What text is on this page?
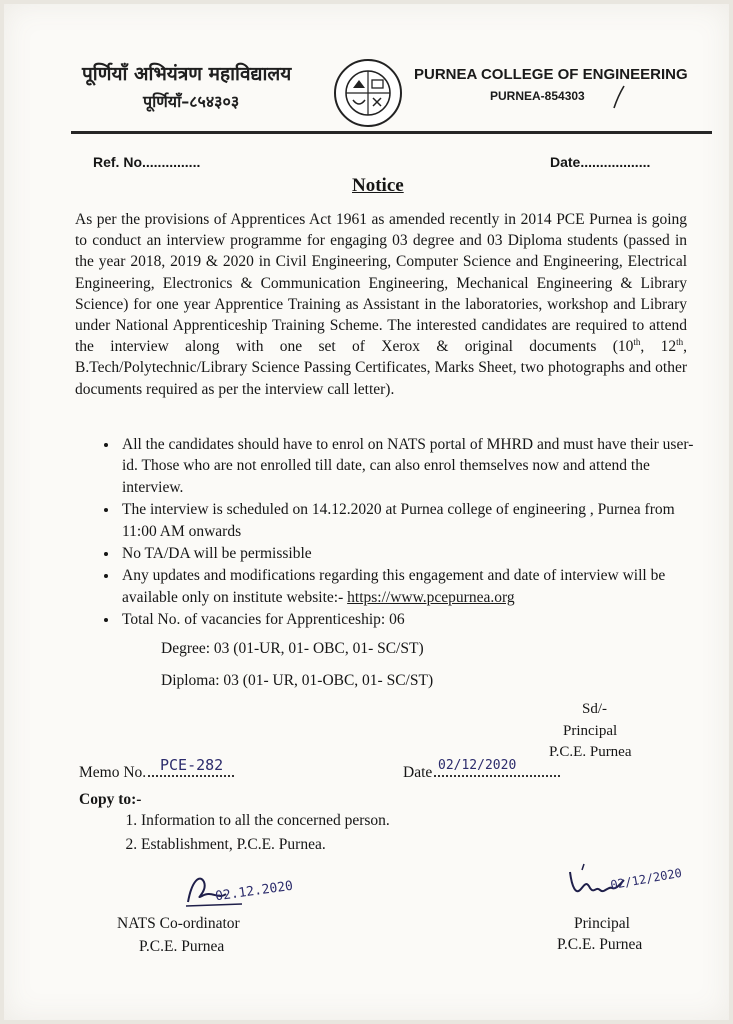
पूर्णियाँ अभियंत्रण महाविद्यालय
पूर्णियाँ–८५४३०३
PURNEA COLLEGE OF ENGINEERING
PURNEA-854303
Ref. No...............	Date..................
Notice

As per the provisions of Apprentices Act 1961 as amended recently in 2014 PCE Purnea is going to conduct an interview programme for engaging 03 degree and 03 Diploma students (passed in the year 2018, 2019 & 2020 in Civil Engineering, Computer Science and Engineering, Electrical Engineering, Electronics & Communication Engineering, Mechanical Engineering & Library Science) for one year Apprentice Training as Assistant in the laboratories, workshop and Library under National Apprenticeship Training Scheme. The interested candidates are required to attend the interview along with one set of Xerox & original documents (10th, 12th, B.Tech/Polytechnic/Library Science Passing Certificates, Marks Sheet, two photographs and other documents required as per the interview call letter).

• All the candidates should have to enrol on NATS portal of MHRD and must have their user-id. Those who are not enrolled till date, can also enrol themselves now and attend the interview.
• The interview is scheduled on 14.12.2020 at Purnea college of engineering , Purnea from 11:00 AM onwards
• No TA/DA will be permissible
• Any updates and modifications regarding this engagement and date of interview will be available only on institute website:- https://www.pcepurnea.org
• Total No. of vacancies for Apprenticeship: 06
Degree: 03 (01-UR, 01- OBC, 01- SC/ST)
Diploma: 03 (01- UR, 01-OBC, 01- SC/ST)
Sd/-
Principal
P.C.E. Purnea
Memo No. PCE-282	Date 02/12/2020
Copy to:-
1. Information to all the concerned person.
2. Establishment, P.C.E. Purnea.
02.12.2020	02/12/2020
NATS Co-ordinator
P.C.E. Purnea
Principal
P.C.E. Purnea
